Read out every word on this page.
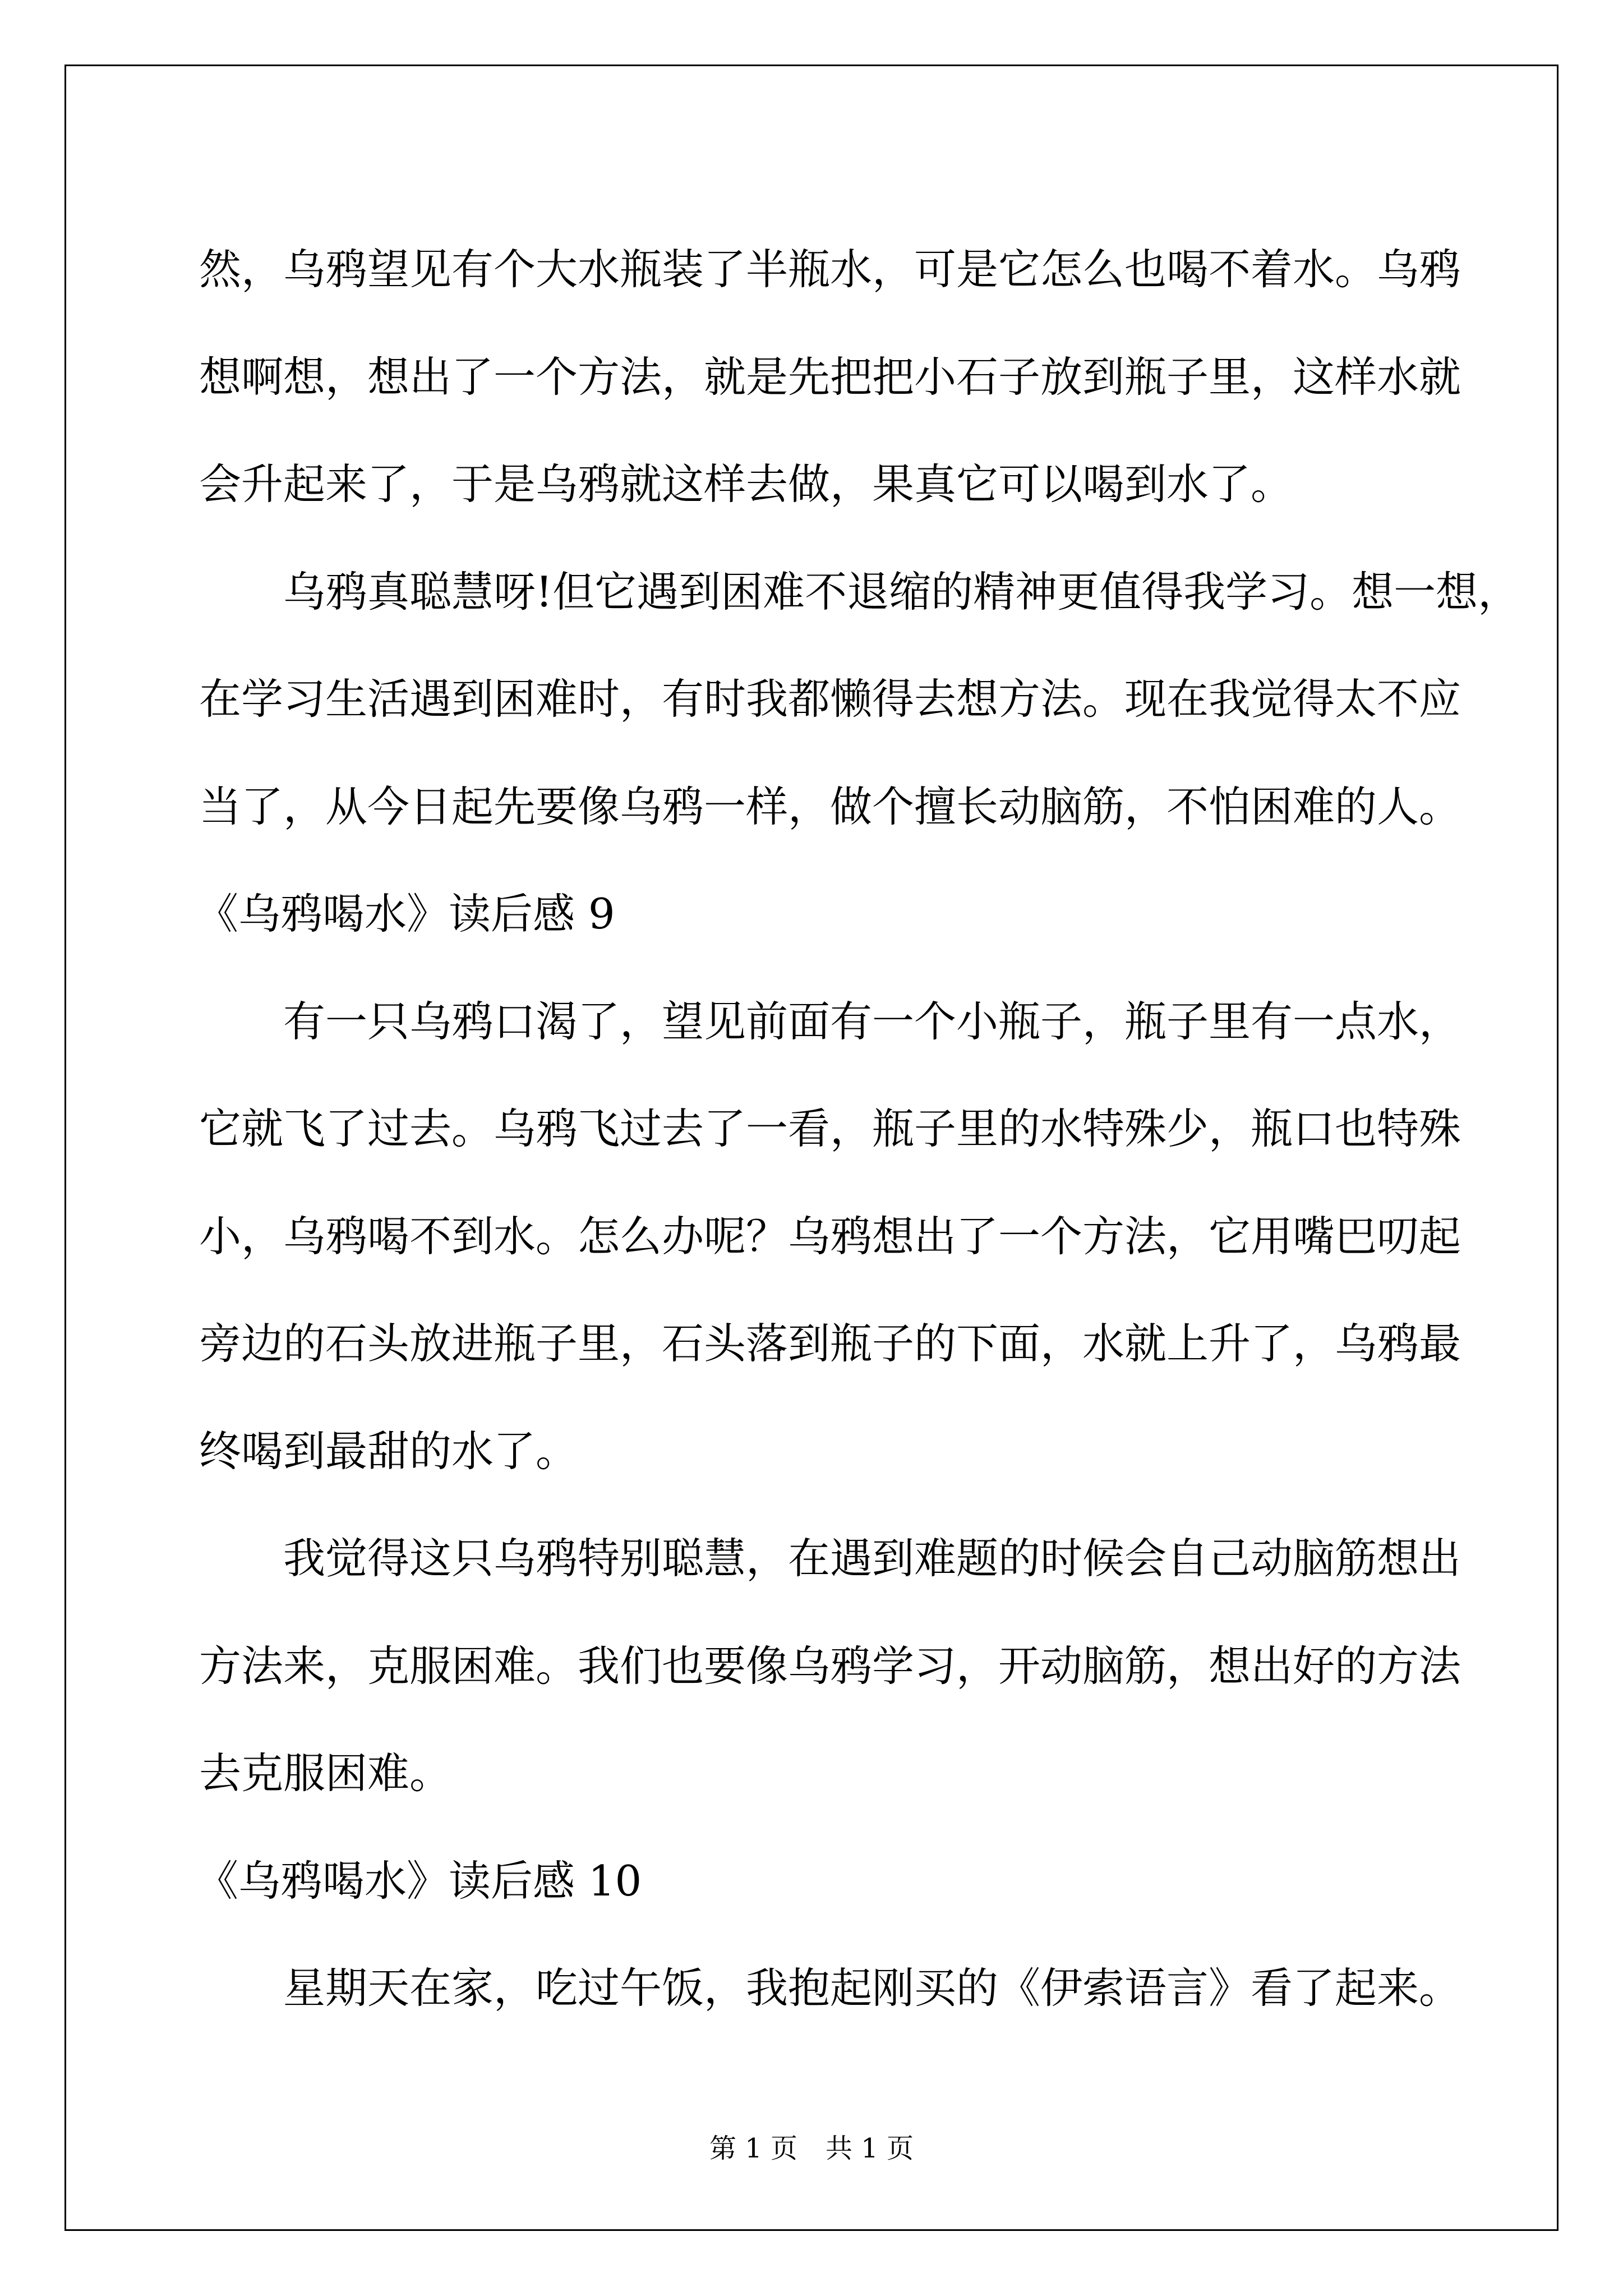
然，乌鸦望见有个大水瓶装了半瓶水，可是它怎么也喝不着水。乌鸦
想啊想，想出了一个方法，就是先把把小石子放到瓶子里，这样水就
会升起来了，于是乌鸦就这样去做，果真它可以喝到水了。
乌鸦真聪慧呀!但它遇到困难不退缩的精神更值得我学习。想一想，
在学习生活遇到困难时，有时我都懒得去想方法。现在我觉得太不应
当了，从今日起先要像乌鸦一样，做个擅长动脑筋，不怕困难的人。
《乌鸦喝水》读后感 9
有一只乌鸦口渴了，望见前面有一个小瓶子，瓶子里有一点水，
它就飞了过去。乌鸦飞过去了一看，瓶子里的水特殊少，瓶口也特殊
小，乌鸦喝不到水。怎么办呢？乌鸦想出了一个方法，它用嘴巴叨起
旁边的石头放进瓶子里，石头落到瓶子的下面，水就上升了，乌鸦最
终喝到最甜的水了。
我觉得这只乌鸦特别聪慧，在遇到难题的时候会自己动脑筋想出
方法来，克服困难。我们也要像乌鸦学习，开动脑筋，想出好的方法
去克服困难。
《乌鸦喝水》读后感 10
星期天在家，吃过午饭，我抱起刚买的《伊索语言》看了起来。
第 1 页 共 1 页
